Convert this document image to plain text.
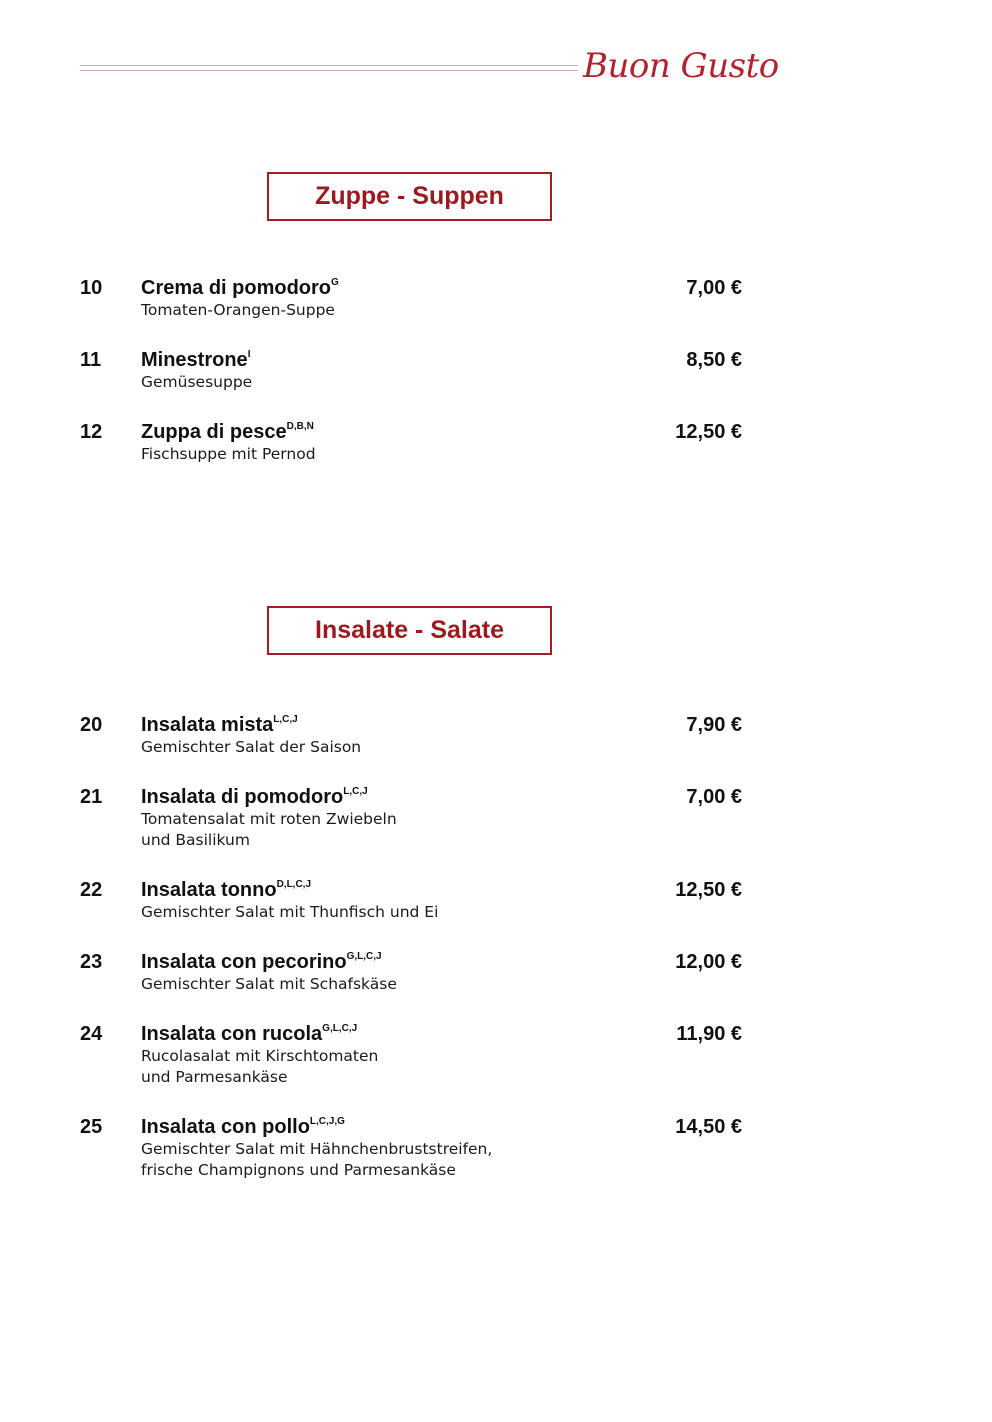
Buon Gusto
Zuppe - Suppen
10 Crema di pomodoro$^G$	7,00 €
Tomaten-Orangen-Suppe
11 Minestrone$^I$	8,50 €
Gemüsesuppe
12 Zuppa di pesce$^{D,B,N}$	12,50 €
Fischsuppe mit Pernod
Insalate - Salate
20 Insalata mista$^{L,C,J}$	7,90 €
Gemischter Salat der Saison
21 Insalata di pomodoro$^{L,C,J}$	7,00 €
Tomatensalat mit roten Zwiebeln
und Basilikum
22 Insalata tonno$^{D,L,C,J}$	12,50 €
Gemischter Salat mit Thunfisch und Ei
23 Insalata con pecorino$^{G,L,C,J}$	12,00 €
Gemischter Salat mit Schafskäse
24 Insalata con rucola$^{G,L,C,J}$	11,90 €
Rucolasalat mit Kirschtomaten
und Parmesankäse
25 Insalata con pollo$^{L,C,J,G}$	14,50 €
Gemischter Salat mit Hähnchenbruststreifen,
frische Champignons und Parmesankäse
